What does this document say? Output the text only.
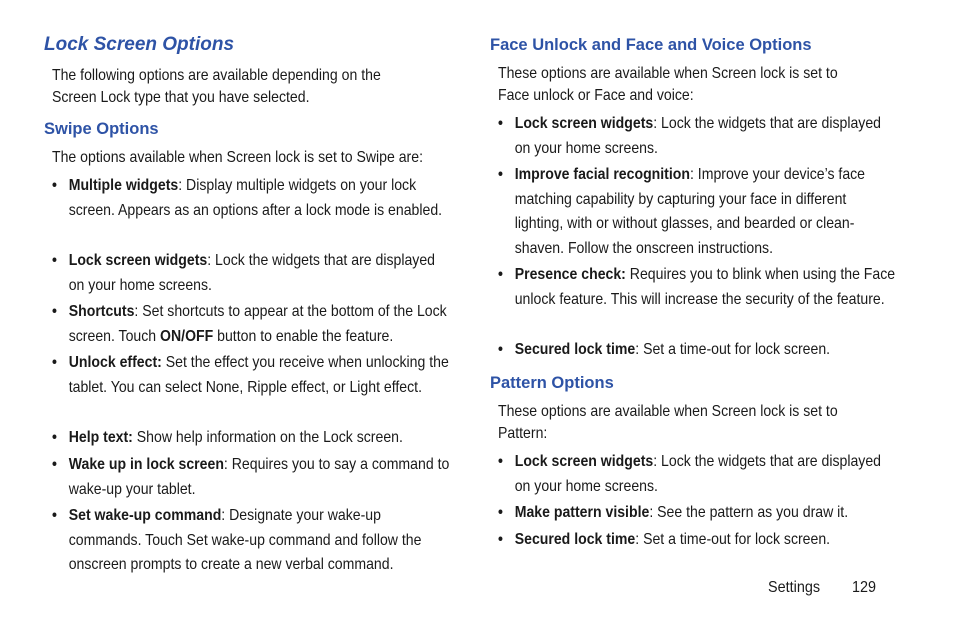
Lock Screen Options

The following options are available depending on the
Screen Lock type that you have selected.

Swipe Options

The options available when Screen lock is set to Swipe are:

• Multiple widgets: Display multiple widgets on your lock screen. Appears as an options after a lock mode is enabled.
• Lock screen widgets: Lock the widgets that are displayed on your home screens.
• Shortcuts: Set shortcuts to appear at the bottom of the Lock screen. Touch ON/OFF button to enable the feature.
• Unlock effect: Set the effect you receive when unlocking the tablet. You can select None, Ripple effect, or Light effect.
• Help text: Show help information on the Lock screen.
• Wake up in lock screen: Requires you to say a command to wake-up your tablet.
• Set wake-up command: Designate your wake-up commands. Touch Set wake-up command and follow the onscreen prompts to create a new verbal command.
Face Unlock and Face and Voice Options

These options are available when Screen lock is set to
Face unlock or Face and voice:

• Lock screen widgets: Lock the widgets that are displayed on your home screens.
• Improve facial recognition: Improve your device’s face matching capability by capturing your face in different lighting, with or without glasses, and bearded or clean-shaven. Follow the onscreen instructions.
• Presence check: Requires you to blink when using the Face unlock feature. This will increase the security of the feature.
• Secured lock time: Set a time-out for lock screen.
Pattern Options

These options are available when Screen lock is set to
Pattern:

• Lock screen widgets: Lock the widgets that are displayed on your home screens.
• Make pattern visible: See the pattern as you draw it.
• Secured lock time: Set a time-out for lock screen.
Settings 129
